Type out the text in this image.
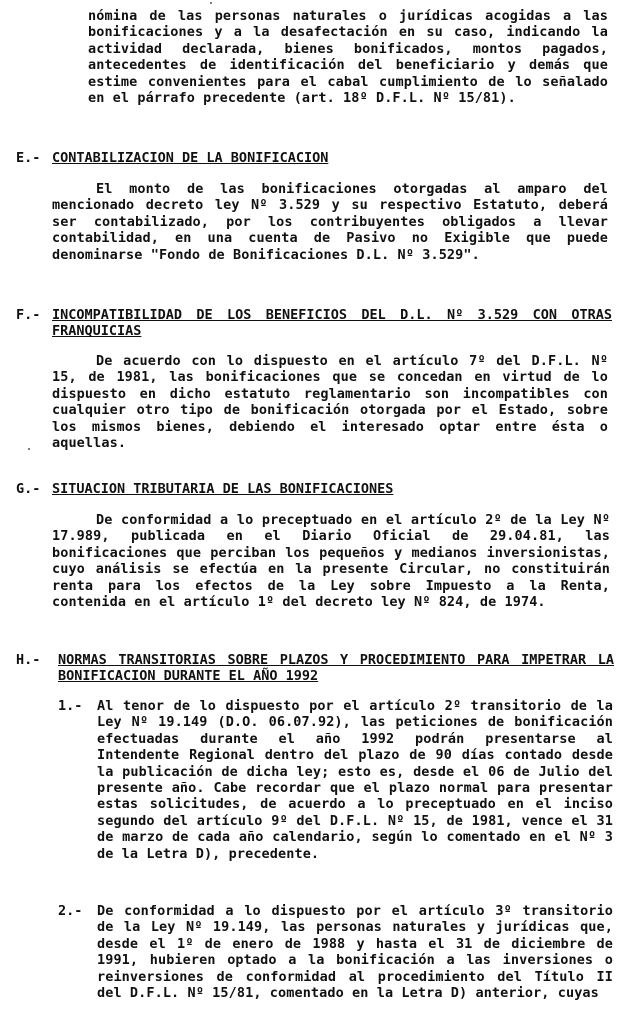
nómina de las personas naturales o jurídicas acogidas a las bonificaciones y a la desafectación en su caso, indicando la actividad declarada, bienes bonificados, montos pagados, antecedentes de identificación del beneficiario y demás que estime convenientes para el cabal cumplimiento de lo señalado en el párrafo precedente (art. 18º D.F.L. Nº 15/81).
E.- CONTABILIZACION DE LA BONIFICACION
El monto de las bonificaciones otorgadas al amparo del mencionado decreto ley Nº 3.529 y su respectivo Estatuto, deberá ser contabilizado, por los contribuyentes obligados a llevar contabilidad, en una cuenta de Pasivo no Exigible que puede denominarse "Fondo de Bonificaciones D.L. Nº 3.529".
F.- INCOMPATIBILIDAD DE LOS BENEFICIOS DEL D.L. Nº 3.529 CON OTRAS FRANQUICIAS
De acuerdo con lo dispuesto en el artículo 7º del D.F.L. Nº 15, de 1981, las bonificaciones que se concedan en virtud de lo dispuesto en dicho estatuto reglamentario son incompatibles con cualquier otro tipo de bonificación otorgada por el Estado, sobre los mismos bienes, debiendo el interesado optar entre ésta o aquellas.
G.- SITUACION TRIBUTARIA DE LAS BONIFICACIONES
De conformidad a lo preceptuado en el artículo 2º de la Ley Nº 17.989, publicada en el Diario Oficial de 29.04.81, las bonificaciones que perciban los pequeños y medianos inversionistas, cuyo análisis se efectúa en la presente Circular, no constituirán renta para los efectos de la Ley sobre Impuesto a la Renta, contenida en el artículo 1º del decreto ley Nº 824, de 1974.
H.- NORMAS TRANSITORIAS SOBRE PLAZOS Y PROCEDIMIENTO PARA IMPETRAR LA BONIFICACION DURANTE EL AÑO 1992
1.- Al tenor de lo dispuesto por el artículo 2º transitorio de la Ley Nº 19.149 (D.O. 06.07.92), las peticiones de bonificación efectuadas durante el año 1992 podrán presentarse al Intendente Regional dentro del plazo de 90 días contado desde la publicación de dicha ley; esto es, desde el 06 de Julio del presente año. Cabe recordar que el plazo normal para presentar estas solicitudes, de acuerdo a lo preceptuado en el inciso segundo del artículo 9º del D.F.L. Nº 15, de 1981, vence el 31 de marzo de cada año calendario, según lo comentado en el Nº 3 de la Letra D), precedente.
2.- De conformidad a lo dispuesto por el artículo 3º transitorio de la Ley Nº 19.149, las personas naturales y jurídicas que, desde el 1º de enero de 1988 y hasta el 31 de diciembre de 1991, hubieren optado a la bonificación a las inversiones o reinversiones de conformidad al procedimiento del Título II del D.F.L. Nº 15/81, comentado en la Letra D) anterior, cuyas
